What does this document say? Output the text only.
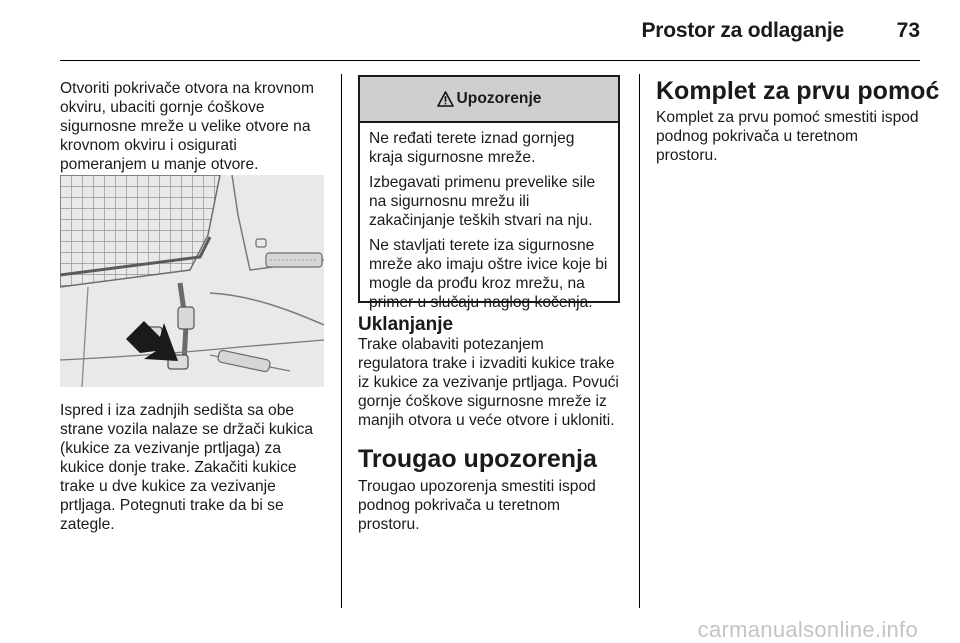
Prostor za odlaganje	73

Otvoriti pokrivače otvora na krovnom
okviru, ubaciti gornje ćoškove
sigurnosne mreže u velike otvore na
krovnom okviru i osigurati
pomeranjem u manje otvore.

Ispred i iza zadnjih sedišta sa obe
strane vozila nalaze se držači kukica
(kukice za vezivanje prtljaga) za
kukice donje trake. Zakačiti kukice
trake u dve kukice za vezivanje
prtljaga. Potegnuti trake da bi se
zategle.

Upozorenje

Ne ređati terete iznad gornjeg
kraja sigurnosne mreže.

Izbegavati primenu prevelike sile
na sigurnosnu mrežu ili
zakačinjanje teških stvari na nju.

Ne stavljati terete iza sigurnosne
mreže ako imaju oštre ivice koje bi
mogle da prođu kroz mrežu, na
primer u slučaju naglog kočenja.

Uklanjanje

Trake olabaviti potezanjem
regulatora trake i izvaditi kukice trake
iz kukice za vezivanje prtljaga. Povući
gornje ćoškove sigurnosne mreže iz
manjih otvora u veće otvore i ukloniti.

Trougao upozorenja

Trougao upozorenja smestiti ispod
podnog pokrivača u teretnom
prostoru.

Komplet za prvu pomoć

Komplet za prvu pomoć smestiti ispod
podnog pokrivača u teretnom
prostoru.

carmanualsonline.info
